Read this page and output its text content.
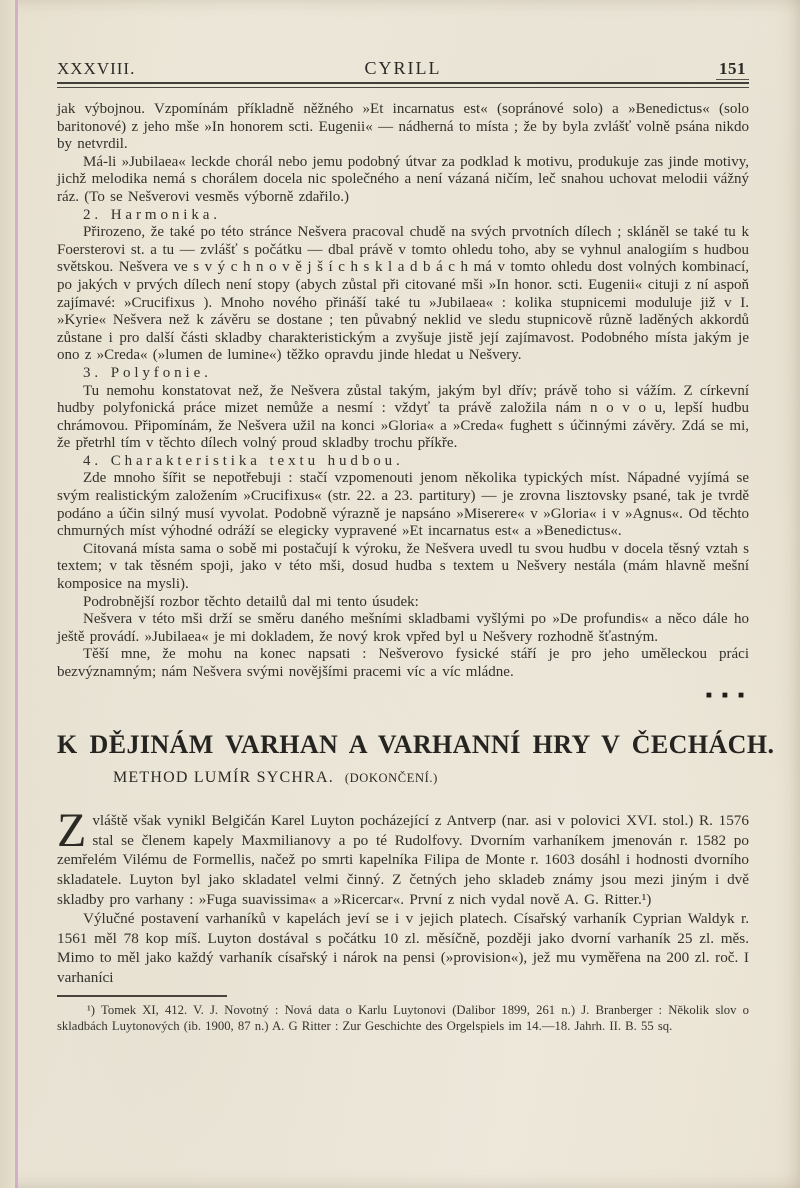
XXXVIII.	CYRILL	151

jak výbojnou. Vzpomínám příkladně něžného »Et incarnatus est« (sopránové solo) a »Benedictus« (solo baritonové) z jeho mše »In honorem scti. Eugenii« — nádherná to místa ; že by byla zvlášť volně psána nikdo by netvrdil.

Má-li »Jubilaea« leckde chorál nebo jemu podobný útvar za podklad k motivu, produkuje zas jinde motivy, jichž melodika nemá s chorálem docela nic společného a není vázaná ničím, leč snahou uchovat melodii vážný ráz. (To se Nešverovi vesměs výborně zdařilo.)

2. Harmonika.

Přirozeno, že také po této stránce Nešvera pracoval chudě na svých prvotních dílech ; skláněl se také tu k Foersterovi st. a tu — zvlášť s počátku — dbal právě v tomto ohledu toho, aby se vyhnul analogiím s hudbou světskou. Nešvera ve s v ý c h n o v ě j š í c h s k l a d b á c h má v tomto ohledu dost volných kombinací, po jakých v prvých dílech není stopy (abych zůstal při citované mši »In honor. scti. Eugenii« cituji z ní aspoň zajímavé: »Crucifixus ). Mnoho nového přináší také tu »Jubilaea« : kolika stupnicemi moduluje již v I. »Kyrie« Nešvera než k závěru se dostane ; ten půvabný neklid ve sledu stupnicově různě laděných akkordů zůstane i pro další části skladby charakteristickým a zvyšuje jistě její zajímavost. Podobného místa jakým je ono z »Creda« (»lumen de lumine«) těžko opravdu jinde hledat u Nešvery.

3. Polyfonie.

Tu nemohu konstatovat než, že Nešvera zůstal takým, jakým byl dřív; právě toho si vážím. Z církevní hudby polyfonická práce mizet nemůže a nesmí : vždyť ta právě založila nám n o v o u, lepší hudbu chrámovou. Připomínám, že Nešvera užil na konci »Gloria« a »Creda« fughett s účinnými závěry. Zdá se mi, že přetrhl tím v těchto dílech volný proud skladby trochu příkře.

4. Charakteristika textu hudbou.

Zde mnoho šířit se nepotřebuji : stačí vzpomenouti jenom několika typických míst. Nápadné vyjímá se svým realistickým založením »Crucifixus« (str. 22. a 23. partitury) — je zrovna lisztovsky psané, tak je tvrdě podáno a účin silný musí vyvolat. Podobně výrazně je napsáno »Miserere« v »Gloria« i v »Agnus«. Od těchto chmurných míst výhodné odráží se elegicky vypravené »Et incarnatus est« a »Benedictus«.

Citovaná místa sama o sobě mi postačují k výroku, že Nešvera uvedl tu svou hudbu v docela těsný vztah s textem; v tak těsném spoji, jako v této mši, dosud hudba s textem u Nešvery nestála (mám hlavně mešní komposice na mysli).

Podrobnější rozbor těchto detailů dal mi tento úsudek:

Nešvera v této mši drží se směru daného mešními skladbami vyšlými po »De profundis« a něco dále ho ještě provádí. »Jubilaea« je mi dokladem, že nový krok vpřed byl u Nešvery rozhodně šťastným.

Těší mne, že mohu na konec napsati : Nešverovo fysické stáří je pro jeho uměleckou práci bezvýznamným; nám Nešvera svými novějšími pracemi víc a víc mládne.

■ ■ ■
K DĚJINÁM VARHAN A VARHANNÍ HRY V ČECHÁCH.
METHOD LUMÍR SYCHRA. (DOKONČENÍ.)

Zvláště však vynikl Belgičán Karel Luyton pocházející z Antverp (nar. asi v polovici XVI. stol.) R. 1576 stal se členem kapely Maxmilianovy a po té Rudolfovy. Dvorním varhaníkem jmenován r. 1582 po zemřelém Vilému de Formellis, načež po smrti kapelníka Filipa de Monte r. 1603 dosáhl i hodnosti dvorního skladatele. Luyton byl jako skladatel velmi činný. Z četných jeho skladeb známy jsou mezi jiným i dvě skladby pro varhany : »Fuga suavissima« a »Ricercar«. První z nich vydal nově A. G. Ritter.¹)

Výlučné postavení varhaníků v kapelách jeví se i v jejich platech. Císařský varhaník Cyprian Waldyk r. 1561 měl 78 kop míš. Luyton dostával s počátku 10 zl. měsíčně, později jako dvorní varhaník 25 zl. měs. Mimo to měl jako každý varhaník císařský i nárok na pensi (»provision«), jež mu vyměřena na 200 zl. roč. I varhaníci

¹) Tomek XI, 412. V. J. Novotný : Nová data o Karlu Luytonovi (Dalibor 1899, 261 n.) J. Branberger : Několik slov o skladbách Luytonových (ib. 1900, 87 n.) A. G Ritter : Zur Geschichte des Orgelspiels im 14.—18. Jahrh. II. B. 55 sq.
